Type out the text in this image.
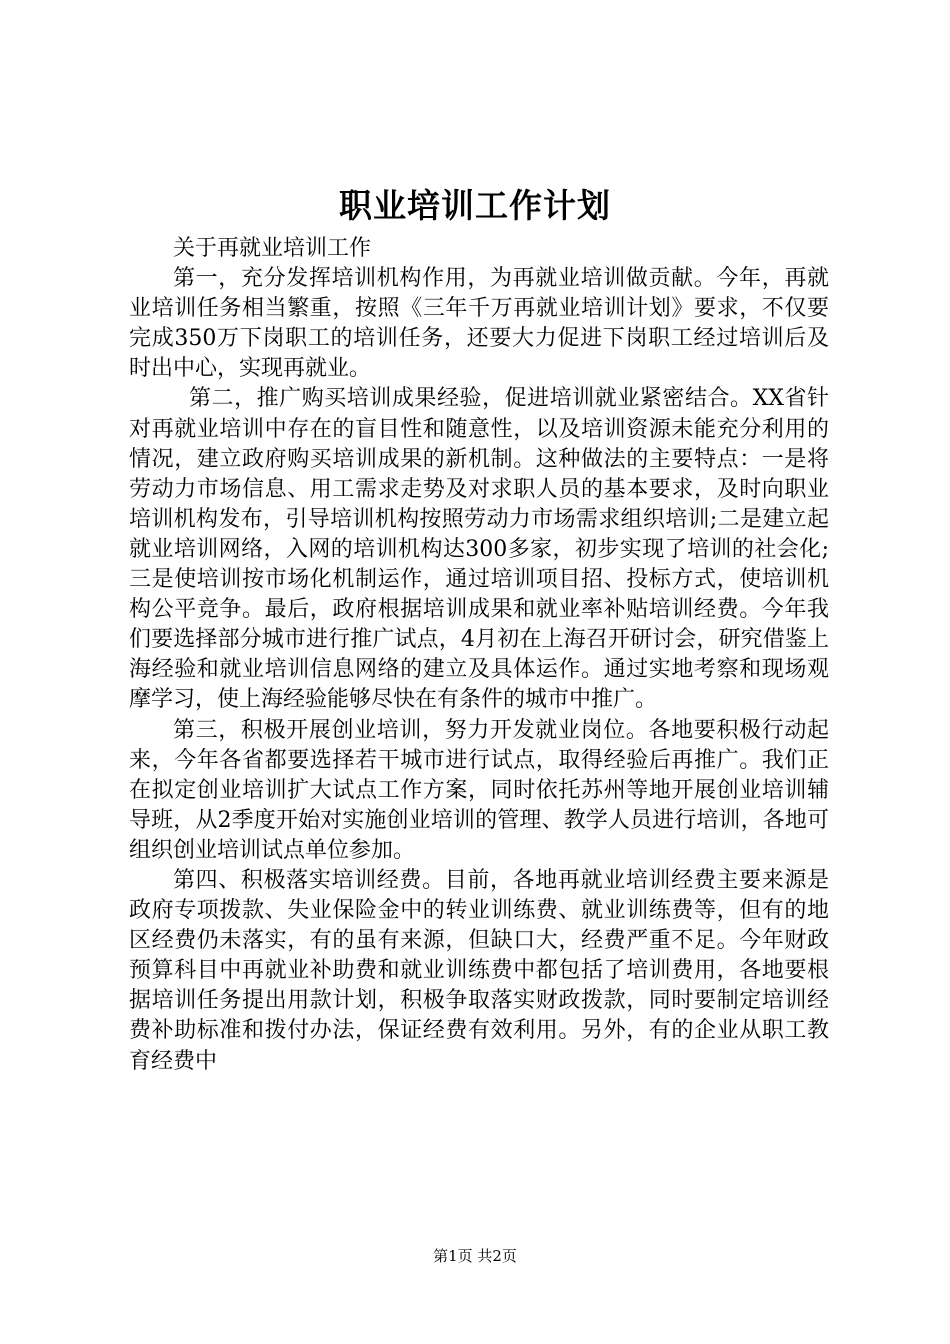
职业培训工作计划

关于再就业培训工作

第一，充分发挥培训机构作用，为再就业培训做贡献。今年，再就业培训任务相当繁重，按照《三年千万再就业培训计划》要求，不仅要完成350万下岗职工的培训任务，还要大力促进下岗职工经过培训后及时出中心，实现再就业。

第二，推广购买培训成果经验，促进培训就业紧密结合。XX省针对再就业培训中存在的盲目性和随意性，以及培训资源未能充分利用的情况，建立政府购买培训成果的新机制。这种做法的主要特点：一是将劳动力市场信息、用工需求走势及对求职人员的基本要求，及时向职业培训机构发布，引导培训机构按照劳动力市场需求组织培训;二是建立起就业培训网络，入网的培训机构达300多家，初步实现了培训的社会化;三是使培训按市场化机制运作，通过培训项目招、投标方式，使培训机构公平竞争。最后，政府根据培训成果和就业率补贴培训经费。今年我们要选择部分城市进行推广试点，4月初在上海召开研讨会，研究借鉴上海经验和就业培训信息网络的建立及具体运作。通过实地考察和现场观摩学习，使上海经验能够尽快在有条件的城市中推广。

第三，积极开展创业培训，努力开发就业岗位。各地要积极行动起来，今年各省都要选择若干城市进行试点，取得经验后再推广。我们正在拟定创业培训扩大试点工作方案，同时依托苏州等地开展创业培训辅导班，从2季度开始对实施创业培训的管理、教学人员进行培训，各地可组织创业培训试点单位参加。

第四、积极落实培训经费。目前，各地再就业培训经费主要来源是政府专项拨款、失业保险金中的转业训练费、就业训练费等，但有的地区经费仍未落实，有的虽有来源，但缺口大，经费严重不足。今年财政预算科目中再就业补助费和就业训练费中都包括了培训费用，各地要根据培训任务提出用款计划，积极争取落实财政拨款，同时要制定培训经费补助标准和拨付办法，保证经费有效利用。另外，有的企业从职工教育经费中

第1页 共2页
